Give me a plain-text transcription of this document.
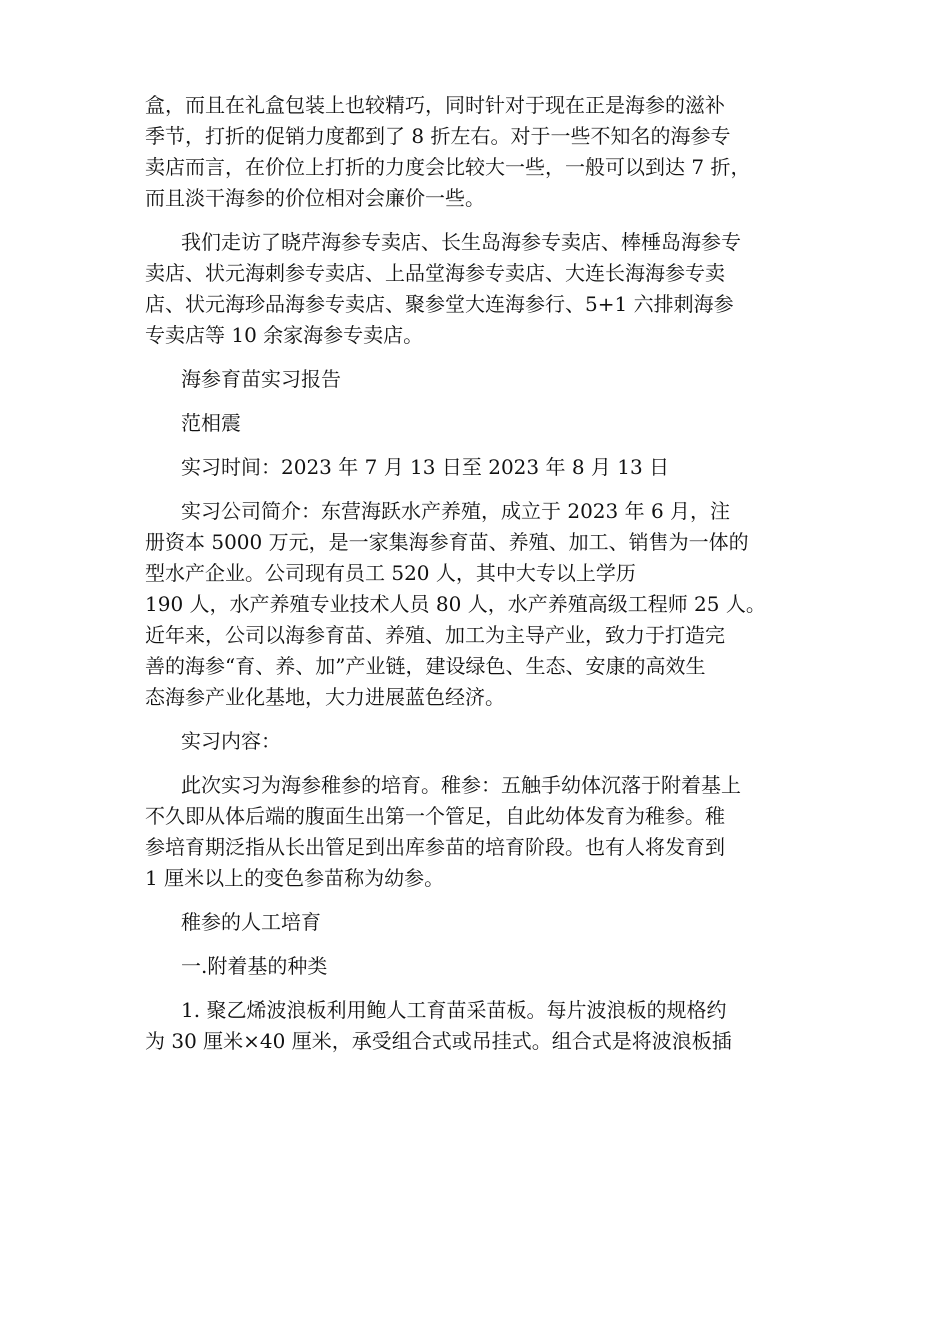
盒，而且在礼盒包装上也较精巧，同时针对于现在正是海参的滋补
季节，打折的促销力度都到了 8 折左右。对于一些不知名的海参专
卖店而言，在价位上打折的力度会比较大一些，一般可以到达 7 折，
而且淡干海参的价位相对会廉价一些。

我们走访了晓芹海参专卖店、长生岛海参专卖店、棒棰岛海参专
卖店、状元海刺参专卖店、上品堂海参专卖店、大连长海海参专卖
店、状元海珍品海参专卖店、聚参堂大连海参行、5+1 六排刺海参
专卖店等 10 余家海参专卖店。

海参育苗实习报告

范相震

实习时间：2023 年 7 月 13 日至 2023 年 8 月 13 日

实习公司简介：东营海跃水产养殖，成立于 2023 年 6 月，注
册资本 5000 万元，是一家集海参育苗、养殖、加工、销售为一体的
型水产企业。公司现有员工 520 人，其中大专以上学历
190 人，水产养殖专业技术人员 80 人，水产养殖高级工程师 25 人。
近年来，公司以海参育苗、养殖、加工为主导产业，致力于打造完
善的海参“育、养、加”产业链，建设绿色、生态、安康的高效生
态海参产业化基地，大力进展蓝色经济。

实习内容：

此次实习为海参稚参的培育。稚参：五触手幼体沉落于附着基上
不久即从体后端的腹面生出第一个管足，自此幼体发育为稚参。稚
参培育期泛指从长出管足到出库参苗的培育阶段。也有人将发育到
1 厘米以上的变色参苗称为幼参。

稚参的人工培育

一.附着基的种类

1. 聚乙烯波浪板利用鲍人工育苗采苗板。每片波浪板的规格约
为 30 厘米×40 厘米，承受组合式或吊挂式。组合式是将波浪板插
